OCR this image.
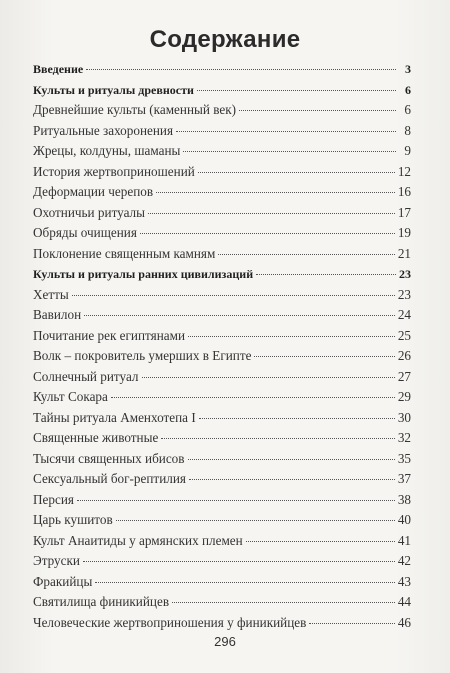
Содержание
Введение	3
Культы и ритуалы древности	6
Древнейшие культы (каменный век)	6
Ритуальные захоронения	8
Жрецы, колдуны, шаманы	9
История жертвоприношений	12
Деформации черепов	16
Охотничьи ритуалы	17
Обряды очищения	19
Поклонение священным камням	21
Культы и ритуалы ранних цивилизаций	23
Хетты	23
Вавилон	24
Почитание рек египтянами	25
Волк – покровитель умерших в Египте	26
Солнечный ритуал	27
Культ Сокара	29
Тайны ритуала Аменхотепа I	30
Священные животные	32
Тысячи священных ибисов	35
Сексуальный бог-рептилия	37
Персия	38
Царь кушитов	40
Культ Анаитиды у армянских племен	41
Этруски	42
Фракийцы	43
Святилища финикийцев	44
Человеческие жертвоприношения у финикийцев	46
296
